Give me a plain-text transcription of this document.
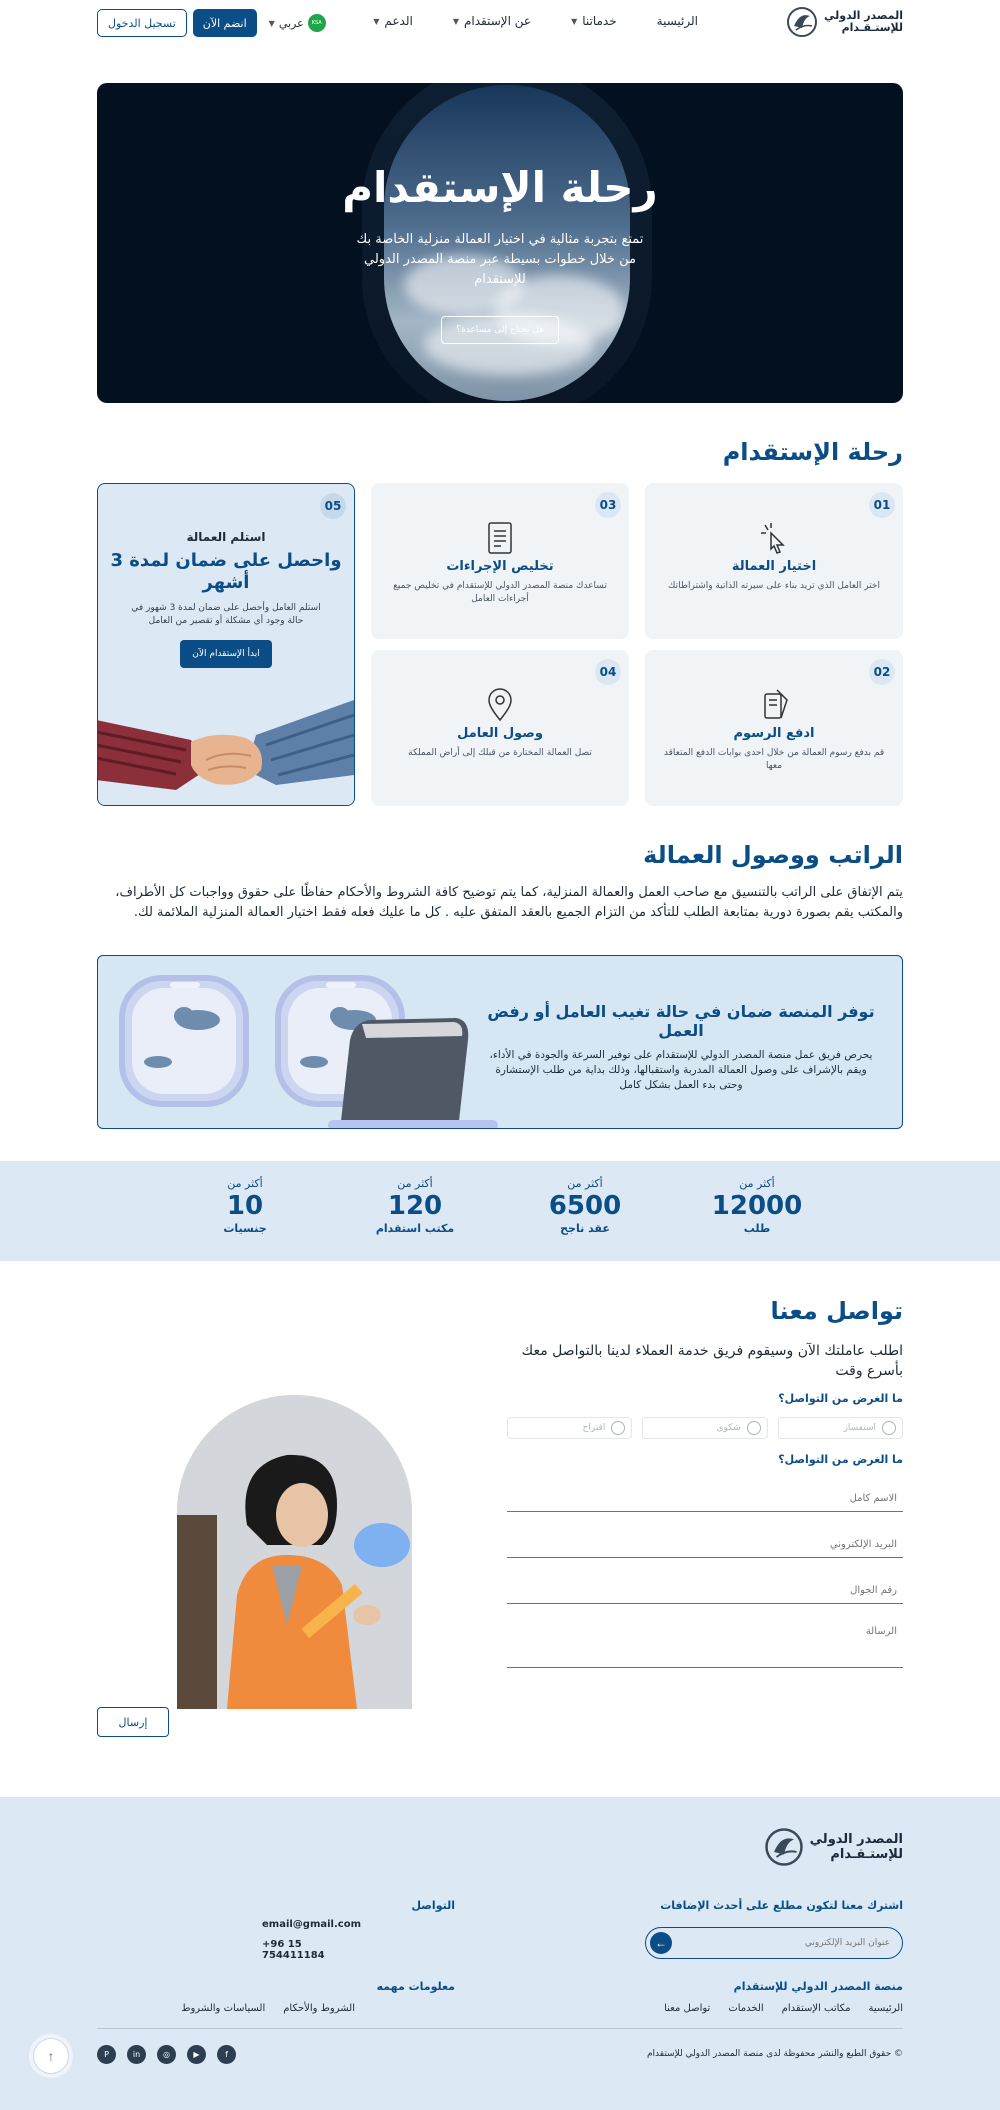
المصدر الدولي
للإستـقـدام
الرئيسية
خدماتنا
▼
عن الإستقدام
▼
الدعم
▼
تسجيل الدخول	انضم الآن	KSA
عربي
▼
رحلة الإستقدام

تمتع بتجربة مثالية في اختيار العمالة منزلية الخاصة بك من خلال خطوات بسيطة عبر منصة المصدر الدولي للإستقدام

هل تحتاج إلى مساعدة؟
رحلة الإستقدام
01
اختيار العمالة
اختر العامل الذي تريد بناء على سيرته الذاتية واشتراطاتك
03
تخليص الإجراءات
تساعدك منصة المصدر الدولي للإستقدام في تخليص جميع أجراءات العامل
02
ادفع الرسوم
قم بدفع رسوم العمالة من خلال احدى بوابات الدفع المتعاقد معها
04
وصول العامل
تصل العمالة المختارة من قبلك إلى أراض المملكة
05
استلم العمالة
واحصل على ضمان لمدة 3 أشهر
استلم العامل وأحصل على ضمان لمدة 3 شهور في حالة وجود أي مشكلة أو تقصير من العامل
ابدأ الإستقدام الآن
الراتب ووصول العمالة

يتم الإتفاق على الراتب بالتنسيق مع صاحب العمل والعمالة المنزلية، كما يتم توضيح كافة الشروط والأحكام حفاظًا على حقوق وواجبات كل الأطراف، والمكتب يقم بصورة دورية بمتابعة الطلب للتأكد من التزام الجميع بالعقد المتفق عليه . كل ما عليك فعله فقط اختيار العمالة المنزلية الملائمة لك.

توفر المنصة ضمان في حالة تغيب العامل أو رفض العمل
يحرص فريق عمل منصة المصدر الدولي للإستقدام على توفير السرعة والجودة في الأداء، ويقم بالإشراف على وصول العمالة المدربة واستقبالها، وذلك بداية من طلب الإستشارة وحتى بدء العمل بشكل كامل
أكثر من
12000
طلب
أكثر من
6500
عقد ناجح
أكثر من
120
مكتب استقدام
أكثر من
10
جنسيات
تواصل معنا

اطلب عاملتك الآن وسيقوم فريق خدمة العملاء لدينا بالتواصل معك بأسرع وقت

ما الغرض من التواصل؟
استفسار
شكوى
اقتراح
ما الغرض من التواصل؟
الاسم كامل
البريد الإلكتروني
رقم الجوال
الرسالة
إرسال
المصدر الدولي
للإستـقـدام
اشترك معنا لتكون مطلع على أحدث الإضافات
عنوان البريد الإلكتروني
←
منصة المصدر الدولي للإستقدام
الرئيسية
مكاتب الإستقدام
الخدمات
تواصل معنا
التواصل
email@gmail.com
+96 15 754411184
معلومات مهمه
الشروط والأحكام
السياسات والشروط
© حقوق الطبع والنشر محفوظة لدى منصة المصدر الدولي للإستقدام
P	in	◎	▶	f
↑
